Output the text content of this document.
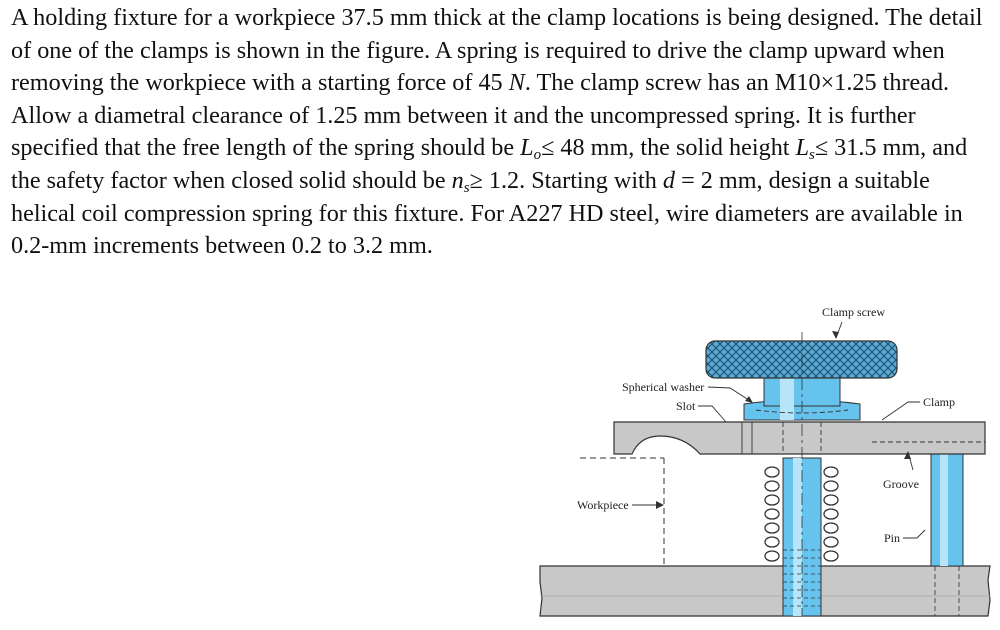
A holding fixture for a workpiece 37.5 mm thick at the clamp locations is being designed. The detail of one of the clamps is shown in the figure. A spring is required to drive the clamp upward when removing the workpiece with a starting force of 45 N. The clamp screw has an M10×1.25 thread. Allow a diametral clearance of 1.25 mm between it and the uncompressed spring. It is further specified that the free length of the spring should be $L_o\le 48$ mm, the solid height $L_s\le 31.5$ mm, and the safety factor when closed solid should be $n_s\ge 1.2$. Starting with d = 2 mm, design a suitable helical coil compression spring for this fixture. For A227 HD steel, wire diameters are available in 0.2-mm increments between 0.2 to 3.2 mm.

Clamp screw
Spherical washer
Slot	Clamp
Groove
Workpiece
Pin
